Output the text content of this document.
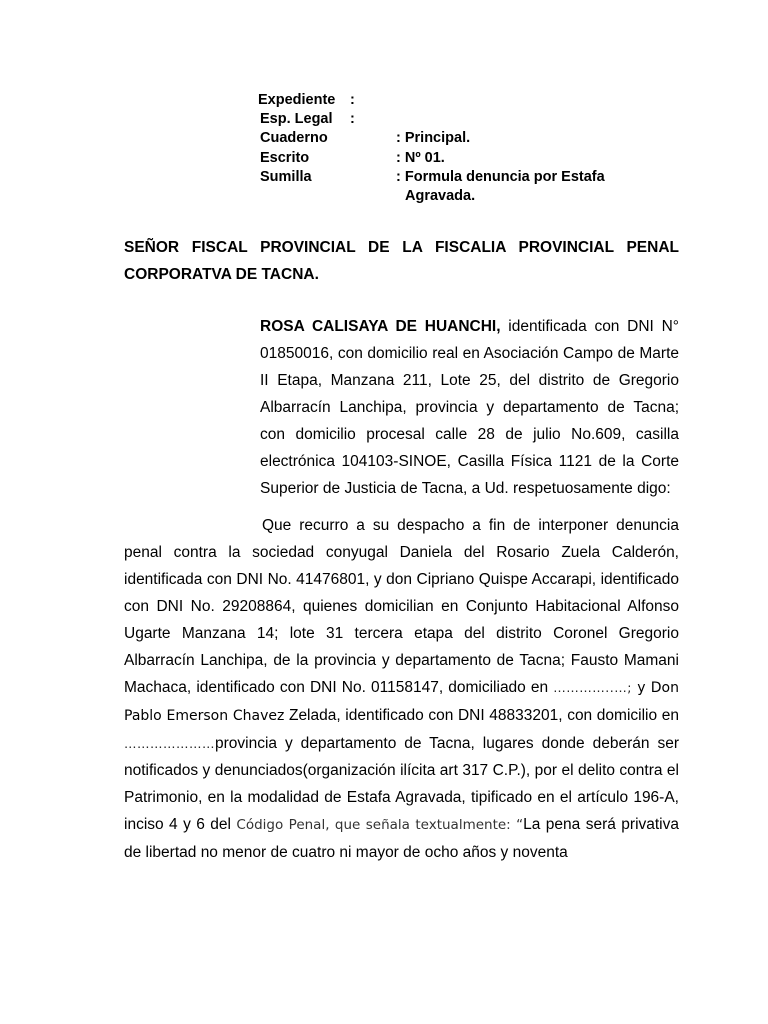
Expediente :
Esp. Legal :
Cuaderno	: Principal.
Escrito	: Nº 01.
Sumilla	: Formula denuncia por Estafa
Agravada.
SEÑOR FISCAL PROVINCIAL DE LA FISCALIA PROVINCIAL PENAL
CORPORATVA DE TACNA.
ROSA CALISAYA DE HUANCHI, identificada con DNI N° 01850016, con domicilio real en Asociación Campo de Marte II Etapa, Manzana 211, Lote 25, del distrito de Gregorio Albarracín Lanchipa, provincia y departamento de Tacna; con domicilio procesal calle 28 de julio No.609, casilla electrónica 104103-SINOE, Casilla Física 1121 de la Corte Superior de Justicia de Tacna, a Ud. respetuosamente digo:
Que recurro a su despacho a fin de interponer denuncia penal contra la sociedad conyugal Daniela del Rosario Zuela Calderón, identificada con DNI No. 41476801, y don Cipriano Quispe Accarapi, identificado con DNI No. 29208864, quienes domicilian en Conjunto Habitacional Alfonso Ugarte Manzana 14; lote 31 tercera etapa del distrito Coronel Gregorio Albarracín Lanchipa, de la provincia y departamento de Tacna; Fausto Mamani Machaca, identificado con DNI No. 01158147, domiciliado en …………..…; y Don Pablo Emerson Chavez Zelada, identificado con DNI 48833201, con domicilio en …………………provincia y departamento de Tacna, lugares donde deberán ser notificados y denunciados(organización ilícita art 317 C.P.), por el delito contra el Patrimonio, en la modalidad de Estafa Agravada, tipificado en el artículo 196-A, inciso 4 y 6 del Código Penal, que señala textualmente: “La pena será privativa de libertad no menor de cuatro ni mayor de ocho años y noventa
